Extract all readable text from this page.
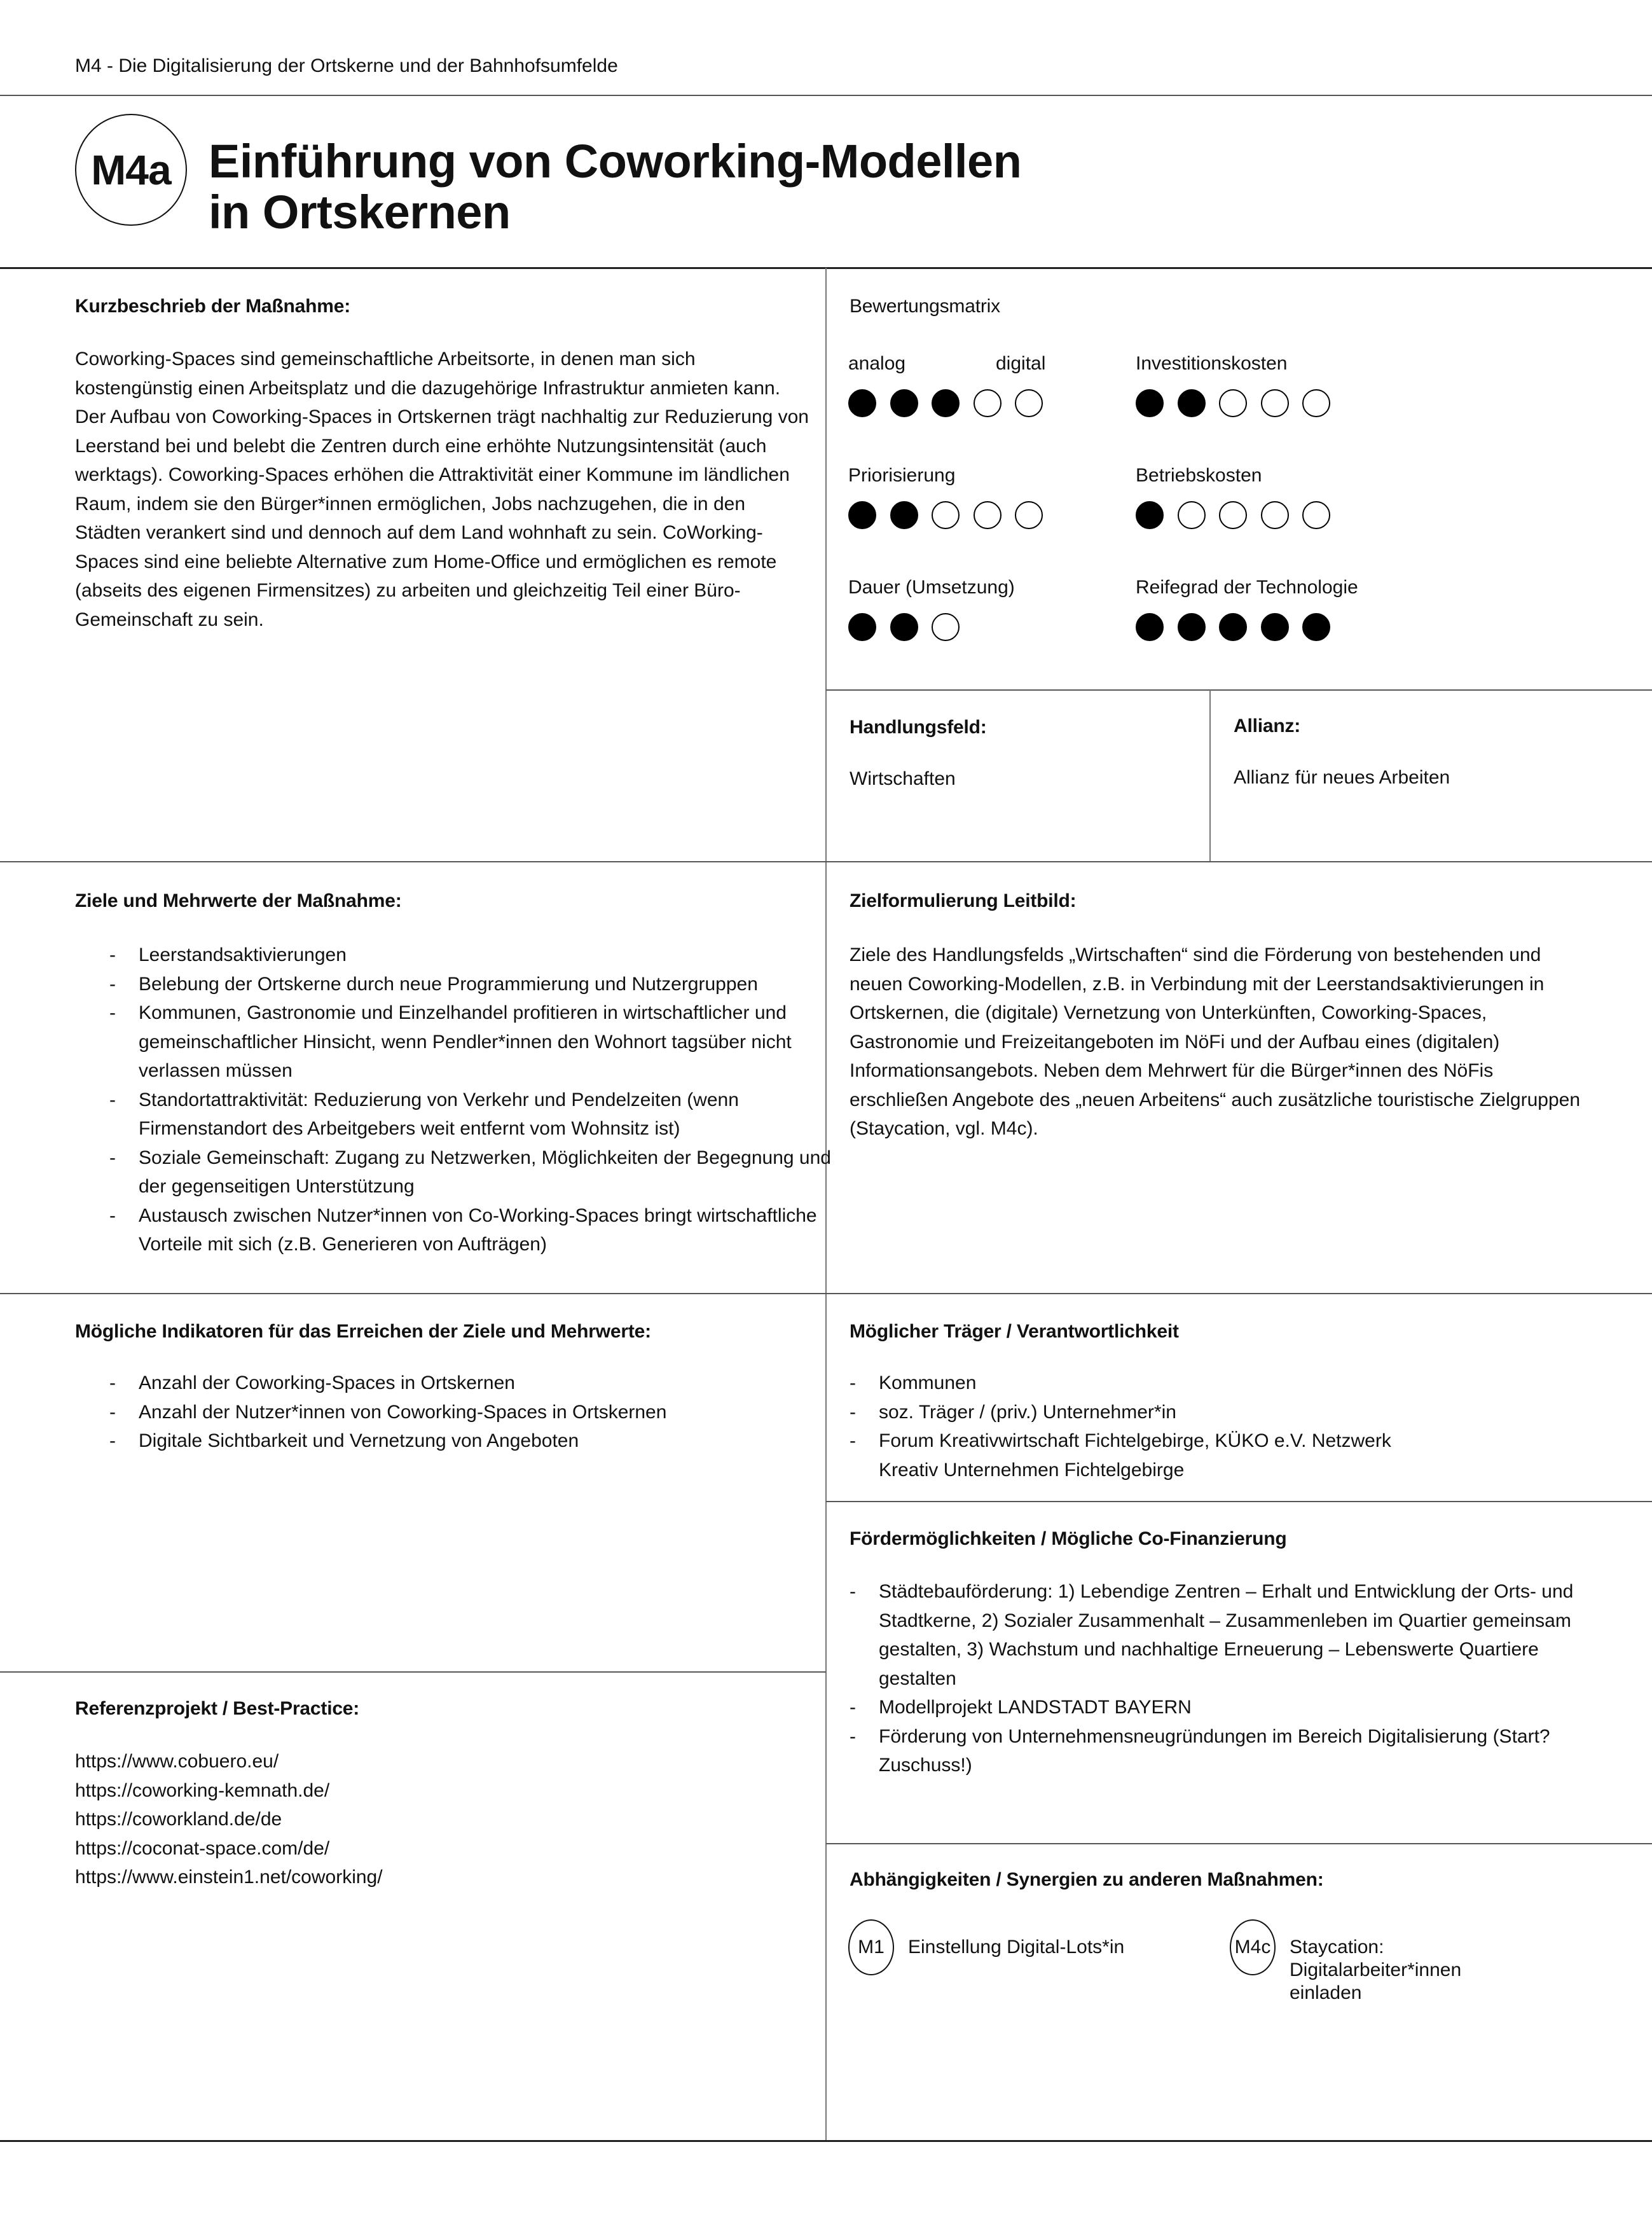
M4 - Die Digitalisierung der Ortskerne und der Bahnhofsumfelde
M4a Einführung von Coworking-Modellen
in Ortskernen
Kurzbeschrieb der Maßnahme:

Coworking-Spaces sind gemeinschaftliche Arbeitsorte, in denen man sich kostengünstig einen Arbeitsplatz und die dazugehörige Infrastruktur anmieten kann.

Der Aufbau von Coworking-Spaces in Ortskernen trägt nachhaltig zur Reduzierung von Leerstand bei und belebt die Zentren durch eine erhöhte Nutzungsintensität (auch werktags). Coworking-Spaces erhöhen die Attraktivität einer Kommune im ländlichen Raum, indem sie den Bürger*innen ermöglichen, Jobs nachzugehen, die in den Städten verankert sind und dennoch auf dem Land wohnhaft zu sein. CoWorking-Spaces sind eine beliebte Alternative zum Home-Office und ermöglichen es remote (abseits des eigenen Firmensitzes) zu arbeiten und gleichzeitig Teil einer Büro-Gemeinschaft zu sein.

Bewertungsmatrix
analog	digital	Investitionskosten
Priorisierung	Betriebskosten
Dauer (Umsetzung)	Reifegrad der Technologie
Handlungsfeld:
Wirtschaften
Allianz:
Allianz für neues Arbeiten
Ziele und Mehrwerte der Maßnahme:
- Leerstandsaktivierungen
- Belebung der Ortskerne durch neue Programmierung und Nutzergruppen
- Kommunen, Gastronomie und Einzelhandel profitieren in wirtschaftlicher und gemeinschaftlicher Hinsicht, wenn Pendler*innen den Wohnort tagsüber nicht verlassen müssen
- Standortattraktivität: Reduzierung von Verkehr und Pendelzeiten (wenn Firmenstandort des Arbeitgebers weit entfernt vom Wohnsitz ist)
- Soziale Gemeinschaft: Zugang zu Netzwerken, Möglichkeiten der Begegnung und der gegenseitigen Unterstützung
- Austausch zwischen Nutzer*innen von Co-Working-Spaces bringt wirtschaftliche Vorteile mit sich (z.B. Generieren von Aufträgen)
Zielformulierung Leitbild:
Ziele des Handlungsfelds „Wirtschaften“ sind die Förderung von bestehenden und neuen Coworking-Modellen, z.B. in Verbindung mit der Leerstandsaktivierungen in Ortskernen, die (digitale) Vernetzung von Unterkünften, Coworking-Spaces, Gastronomie und Freizeitangeboten im NöFi und der Aufbau eines (digitalen) Informationsangebots. Neben dem Mehrwert für die Bürger*innen des NöFis erschließen Angebote des „neuen Arbeitens“ auch zusätzliche touristische Zielgruppen (Staycation, vgl. M4c).
Mögliche Indikatoren für das Erreichen der Ziele und Mehrwerte:
- Anzahl der Coworking-Spaces in Ortskernen
- Anzahl der Nutzer*innen von Coworking-Spaces in Ortskernen
- Digitale Sichtbarkeit und Vernetzung von Angeboten
Möglicher Träger / Verantwortlichkeit
- Kommunen
- soz. Träger / (priv.) Unternehmer*in
- Forum Kreativwirtschaft Fichtelgebirge, KÜKO e.V. Netzwerk Kreativ Unternehmen Fichtelgebirge
Fördermöglichkeiten / Mögliche Co-Finanzierung
- Städtebauförderung: 1) Lebendige Zentren – Erhalt und Entwicklung der Orts- und Stadtkerne, 2) Sozialer Zusammenhalt – Zusammenleben im Quartier gemeinsam gestalten, 3) Wachstum und nachhaltige Erneuerung – Lebenswerte Quartiere gestalten
- Modellprojekt LANDSTADT BAYERN
- Förderung von Unternehmensneugründungen im Bereich Digitalisierung (Start?Zuschuss!)
Referenzprojekt / Best-Practice:
https://www.cobuero.eu/
https://coworking-kemnath.de/
https://coworkland.de/de
https://coconat-space.com/de/
https://www.einstein1.net/coworking/	Abhängigkeiten / Synergien zu anderen Maßnahmen:
M1	Einstellung Digital-Lots*in	M4c Staycation: Digitalarbeiter*innen einladen
